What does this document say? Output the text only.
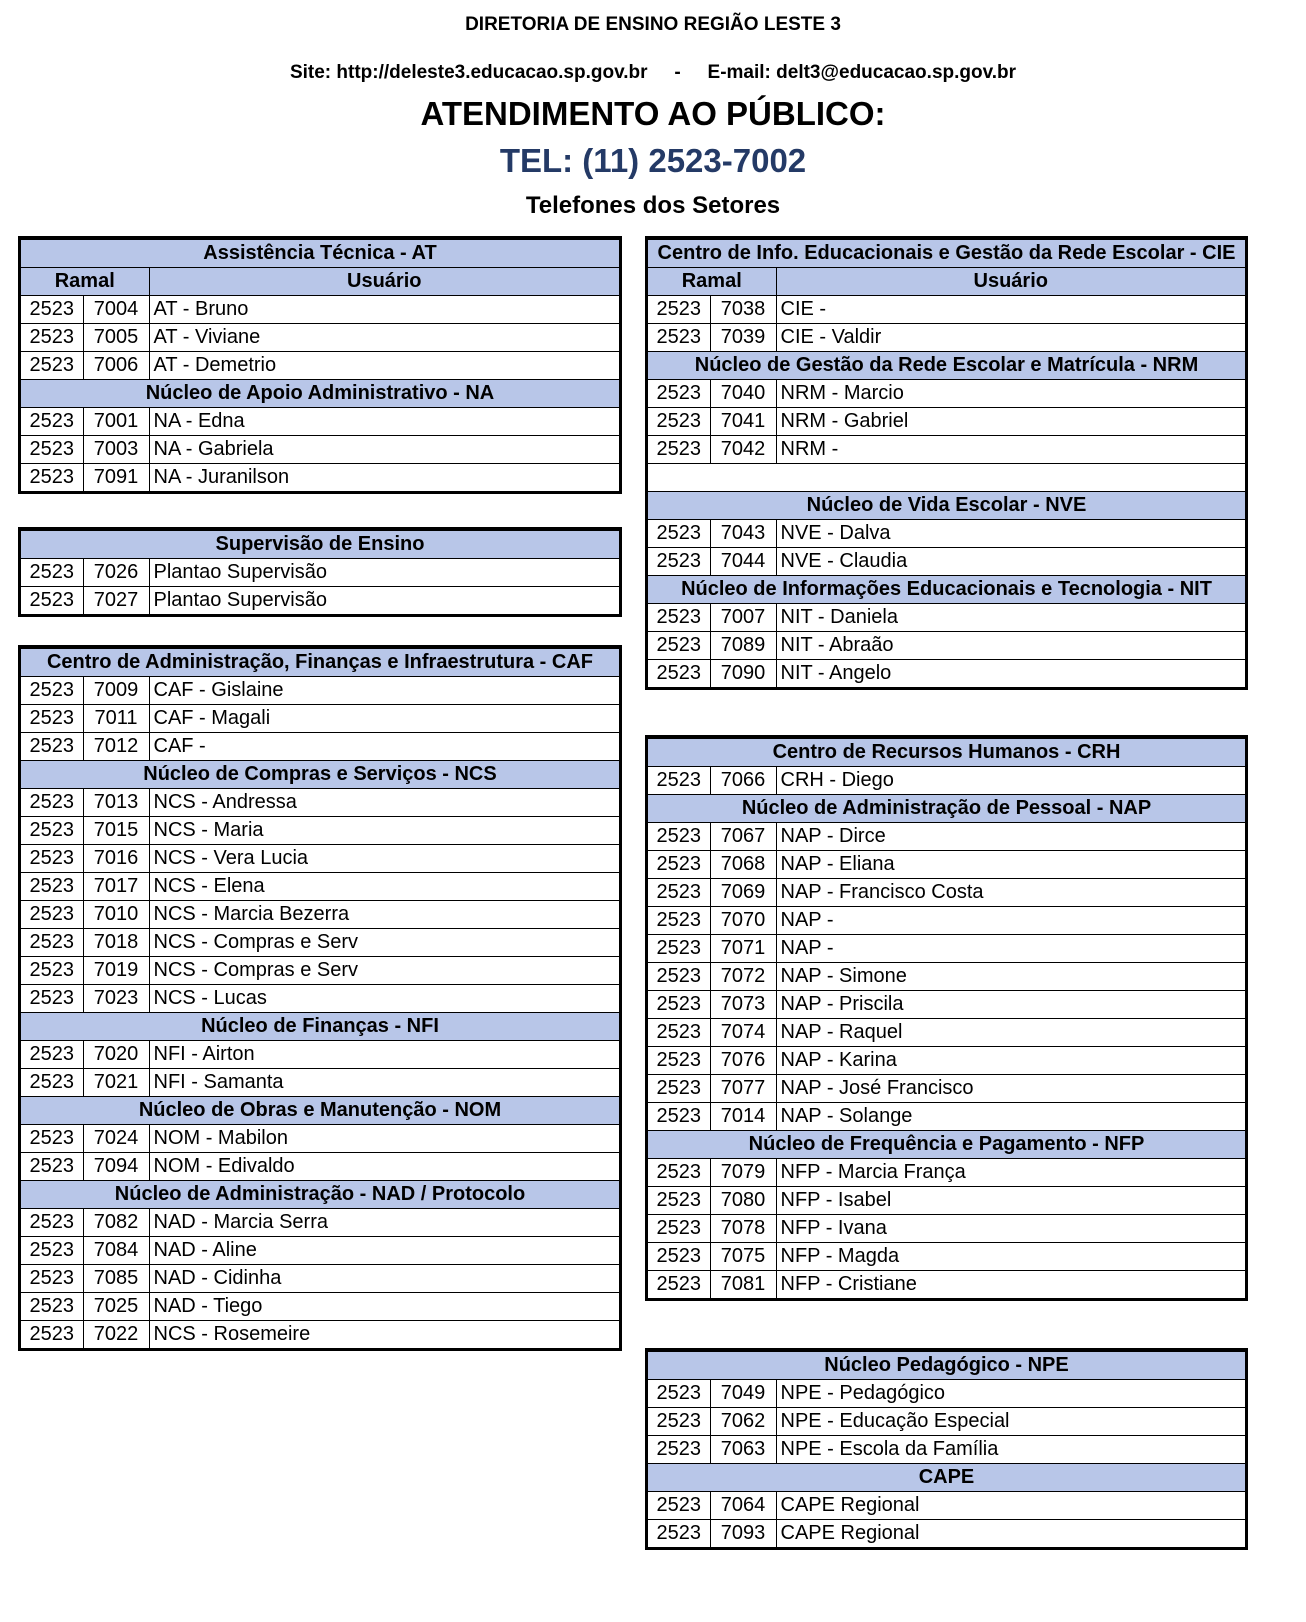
DIRETORIA DE ENSINO REGIÃO LESTE 3
Site: http://deleste3.educacao.sp.gov.br - E-mail: delt3@educacao.sp.gov.br
ATENDIMENTO AO PÚBLICO:
TEL: (11) 2523-7002
Telefones dos Setores
Assistência Técnica - AT		
Ramal		Usuário
2523	7004	AT - Bruno
2523	7005	AT - Viviane
2523	7006	AT - Demetrio
Núcleo de Apoio Administrativo - NA		
2523	7001	NA - Edna
2523	7003	NA - Gabriela
2523	7091	NA - Juranilson
Supervisão de Ensino		
2523	7026	Plantao Supervisão
2523	7027	Plantao Supervisão
Centro de Administração, Finanças e Infraestrutura - CAF		
2523	7009	CAF - Gislaine
2523	7011	CAF - Magali
2523	7012	CAF -
Núcleo de Compras e Serviços - NCS		
2523	7013	NCS - Andressa
2523	7015	NCS - Maria
2523	7016	NCS - Vera Lucia
2523	7017	NCS - Elena
2523	7010	NCS - Marcia Bezerra
2523	7018	NCS - Compras e Serv
2523	7019	NCS - Compras e Serv
2523	7023	NCS - Lucas
Núcleo de Finanças - NFI		
2523	7020	NFI - Airton
2523	7021	NFI - Samanta
Núcleo de Obras e Manutenção - NOM		
2523	7024	NOM - Mabilon
2523	7094	NOM - Edivaldo
Núcleo de Administração - NAD / Protocolo		
2523	7082	NAD - Marcia Serra
2523	7084	NAD - Aline
2523	7085	NAD - Cidinha
2523	7025	NAD - Tiego
2523	7022	NCS - Rosemeire
Centro de Info. Educacionais e Gestão da Rede Escolar - CIE		
Ramal		Usuário
2523	7038	CIE -
2523	7039	CIE - Valdir
Núcleo de Gestão da Rede Escolar e Matrícula - NRM		
2523	7040	NRM - Marcio
2523	7041	NRM - Gabriel
2523	7042	NRM -

Núcleo de Vida Escolar - NVE		
2523	7043	NVE - Dalva
2523	7044	NVE - Claudia
Núcleo de Informações Educacionais e Tecnologia - NIT		
2523	7007	NIT - Daniela
2523	7089	NIT - Abraão
2523	7090	NIT - Angelo
Centro de Recursos Humanos - CRH		
2523	7066	CRH - Diego
Núcleo de Administração de Pessoal - NAP		
2523	7067	NAP - Dirce
2523	7068	NAP - Eliana
2523	7069	NAP - Francisco Costa
2523	7070	NAP -
2523	7071	NAP -
2523	7072	NAP - Simone
2523	7073	NAP - Priscila
2523	7074	NAP - Raquel
2523	7076	NAP - Karina
2523	7077	NAP - José Francisco
2523	7014	NAP - Solange
Núcleo de Frequência e Pagamento - NFP		
2523	7079	NFP - Marcia França
2523	7080	NFP - Isabel
2523	7078	NFP - Ivana
2523	7075	NFP - Magda
2523	7081	NFP - Cristiane
Núcleo Pedagógico - NPE		
2523	7049	NPE - Pedagógico
2523	7062	NPE - Educação Especial
2523	7063	NPE - Escola da Família
CAPE		
2523	7064	CAPE Regional
2523	7093	CAPE Regional
